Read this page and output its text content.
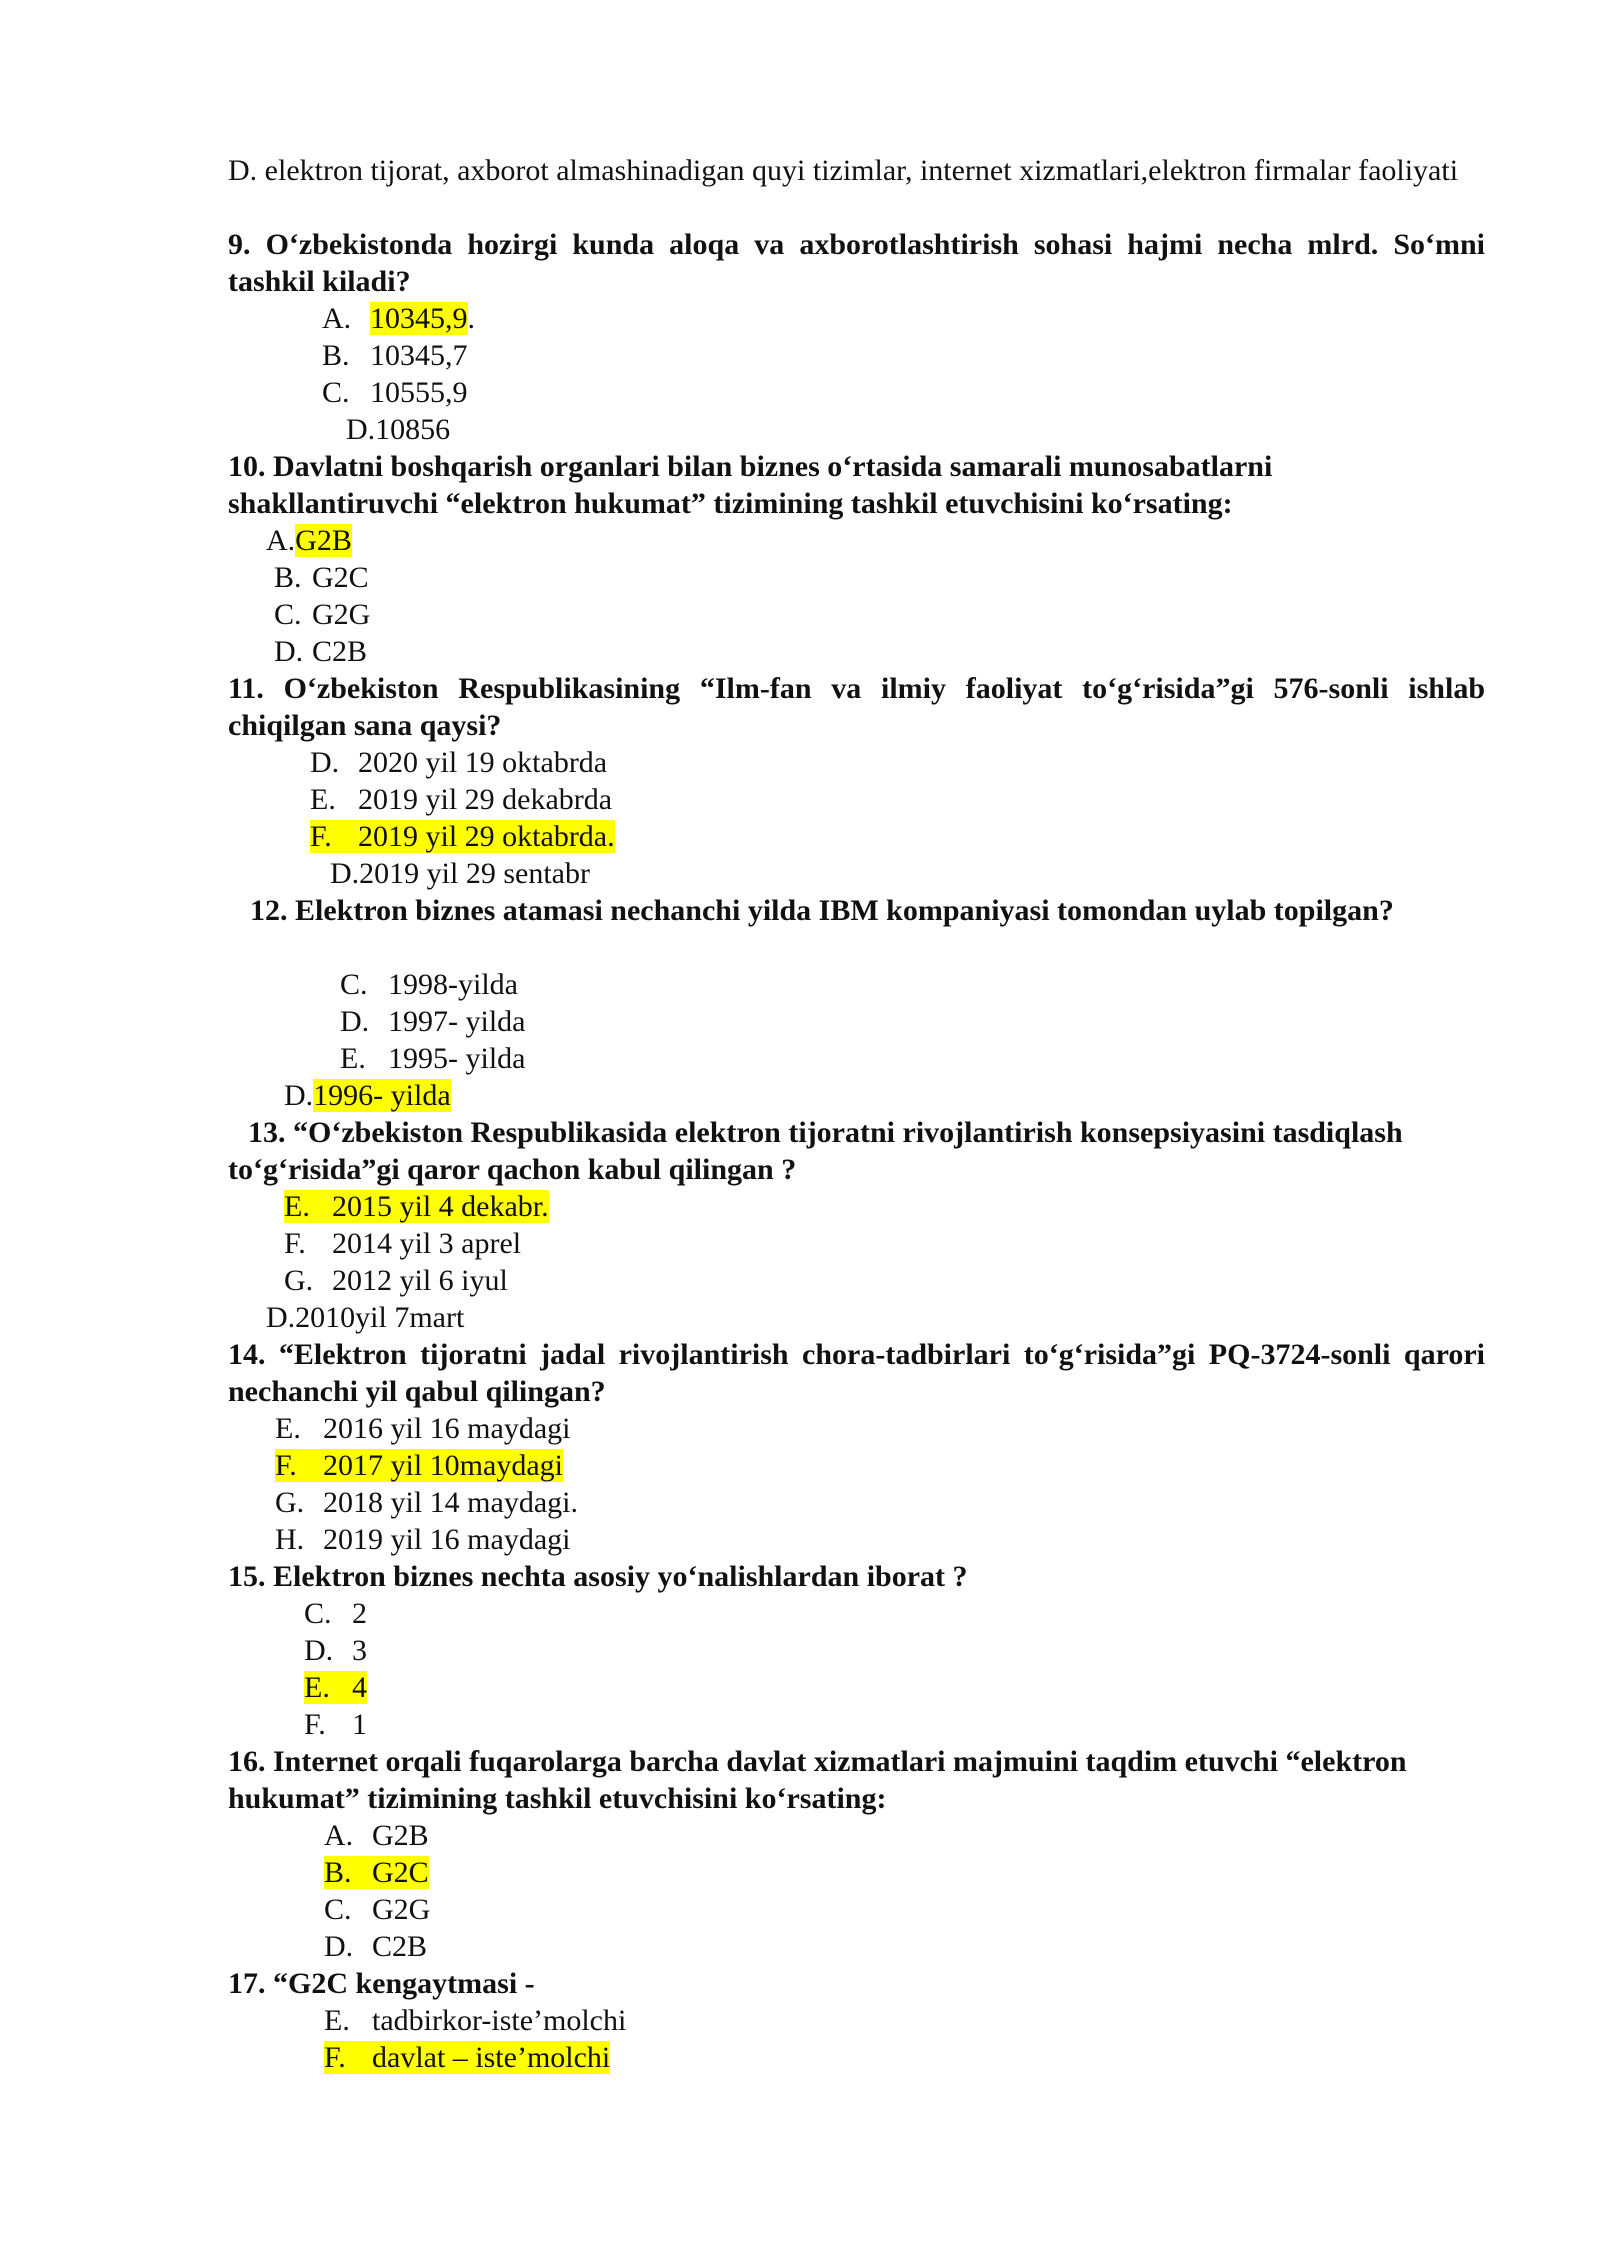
D. elektron tijorat, axborot almashinadigan quyi tizimlar, internet xizmatlari,elektron firmalar faoliyati
9. O‘zbekistonda hozirgi kunda aloqa va axborotlashtirish sohasi hajmi necha mlrd. So‘mni tashkil kiladi?
A. 10345,9.
B. 10345,7
C. 10555,9
D.10856
10. Davlatni boshqarish organlari bilan biznes o‘rtasida samarali munosabatlarni shakllantiruvchi “elektron hukumat” tizimining tashkil etuvchisini ko‘rsating:
A.G2B
B. G2C
C. G2G
D. C2B
11. O‘zbekiston Respublikasining “Ilm-fan va ilmiy faoliyat to‘g‘risida”gi 576-sonli ishlab chiqilgan sana qaysi?
D. 2020 yil 19 oktabrda
E. 2019 yil 29 dekabrda
F. 2019 yil 29 oktabrda.
D.2019 yil 29 sentabr
12. Elektron biznes atamasi nechanchi yilda IBM kompaniyasi tomondan uylab topilgan?
C. 1998-yilda
D. 1997- yilda
E. 1995- yilda
D.1996- yilda
13. “O‘zbekiston Respublikasida elektron tijoratni rivojlantirish konsepsiyasini tasdiqlash to‘g‘risida”gi qaror qachon kabul qilingan ?
E. 2015 yil 4 dekabr.
F. 2014 yil 3 aprel
G. 2012 yil 6 iyul
D.2010yil 7mart
14. “Elektron tijoratni jadal rivojlantirish chora-tadbirlari to‘g‘risida”gi PQ-3724-sonli qarori nechanchi yil qabul qilingan?
E. 2016 yil 16 maydagi
F. 2017 yil 10maydagi
G. 2018 yil 14 maydagi.
H. 2019 yil 16 maydagi
15. Elektron biznes nechta asosiy yo‘nalishlardan iborat ?
C. 2
D. 3
E. 4
F. 1
16. Internet orqali fuqarolarga barcha davlat xizmatlari majmuini taqdim etuvchi “elektron hukumat” tizimining tashkil etuvchisini ko‘rsating:
A. G2B
B. G2C
C. G2G
D. C2B
17. “G2C kengaytmasi -
E. tadbirkor-iste’molchi
F. davlat – iste’molchi
